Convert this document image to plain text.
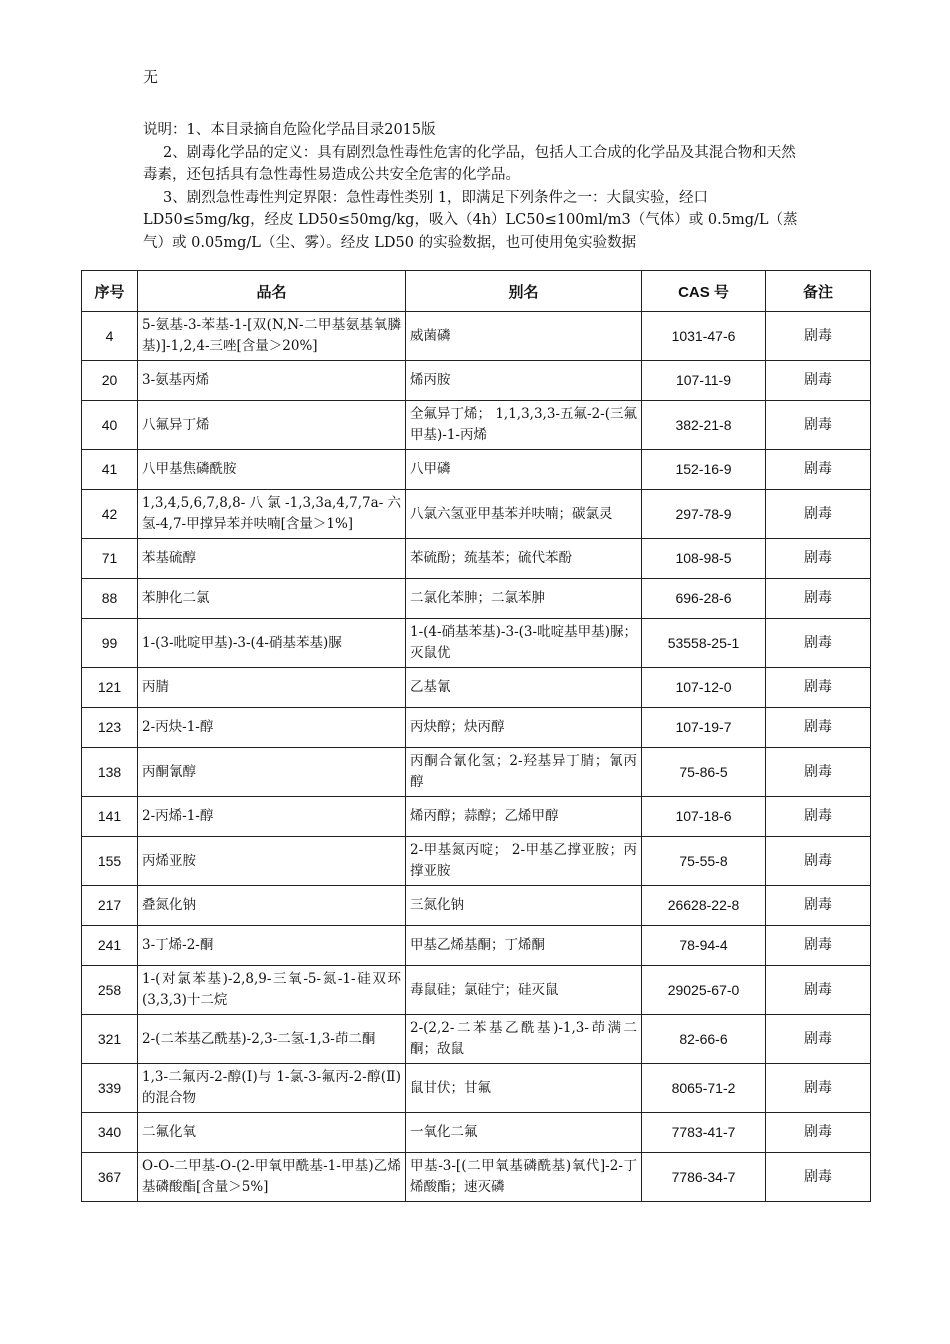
无

说明：1、本目录摘自危险化学品目录2015版

2、剧毒化学品的定义：具有剧烈急性毒性危害的化学品，包括人工合成的化学品及其混合物和天然毒素，还包括具有急性毒性易造成公共安全危害的化学品。

3、剧烈急性毒性判定界限：急性毒性类别 1，即满足下列条件之一：大鼠实验，经口LD50≤5mg/kg，经皮 LD50≤50mg/kg，吸入（4h）LC50≤100ml/m3（气体）或 0.5mg/L（蒸气）或 0.05mg/L（尘、雾）。经皮 LD50 的实验数据，也可使用兔实验数据

序号	品名	别名	CAS 号	备注
4	5-氨基-3-苯基-1-[双(N,N-二甲基氨基氧膦基)]-1,2,4-三唑[含量＞20%]	威菌磷	1031-47-6	剧毒
20	3-氨基丙烯	烯丙胺	107-11-9	剧毒
40	八氟异丁烯	全氟异丁烯； 1,1,3,3,3-五氟-2-(三氟甲基)-1-丙烯	382-21-8	剧毒
41	八甲基焦磷酰胺	八甲磷	152-16-9	剧毒
42	1,3,4,5,6,7,8,8-八氯-1,3,3a,4,7,7a-六氢-4,7-甲撑异苯并呋喃[含量＞1%]	八氯六氢亚甲基苯并呋喃；碳氯灵	297-78-9	剧毒
71	苯基硫醇	苯硫酚；巯基苯；硫代苯酚	108-98-5	剧毒
88	苯胂化二氯	二氯化苯胂；二氯苯胂	696-28-6	剧毒
99	1-(3-吡啶甲基)-3-(4-硝基苯基)脲	1-(4-硝基苯基)-3-(3-吡啶基甲基)脲；灭鼠优	53558-25-1	剧毒
121	丙腈	乙基氰	107-12-0	剧毒
123	2-丙炔-1-醇	丙炔醇；炔丙醇	107-19-7	剧毒
138	丙酮氰醇	丙酮合氰化氢；2-羟基异丁腈；氰丙醇	75-86-5	剧毒
141	2-丙烯-1-醇	烯丙醇；蒜醇；乙烯甲醇	107-18-6	剧毒
155	丙烯亚胺	2-甲基氮丙啶； 2-甲基乙撑亚胺；丙撑亚胺	75-55-8	剧毒
217	叠氮化钠	三氮化钠	26628-22-8	剧毒
241	3-丁烯-2-酮	甲基乙烯基酮；丁烯酮	78-94-4	剧毒
258	1-(对氯苯基)-2,8,9-三氧-5-氮-1-硅双环(3,3,3)十二烷	毒鼠硅；氯硅宁；硅灭鼠	29025-67-0	剧毒
321	2-(二苯基乙酰基)-2,3-二氢-1,3-茚二酮	2-(2,2-二苯基乙酰基)-1,3-茚满二酮；敌鼠	82-66-6	剧毒
339	1,3-二氟丙-2-醇(Ⅰ)与 1-氯-3-氟丙-2-醇(Ⅱ)的混合物	鼠甘伏；甘氟	8065-71-2	剧毒
340	二氟化氧	一氧化二氟	7783-41-7	剧毒
367	O-O-二甲基-O-(2-甲氧甲酰基-1-甲基)乙烯基磷酸酯[含量＞5%]	甲基-3-[(二甲氧基磷酰基)氧代]-2-丁烯酸酯；速灭磷	7786-34-7	剧毒
